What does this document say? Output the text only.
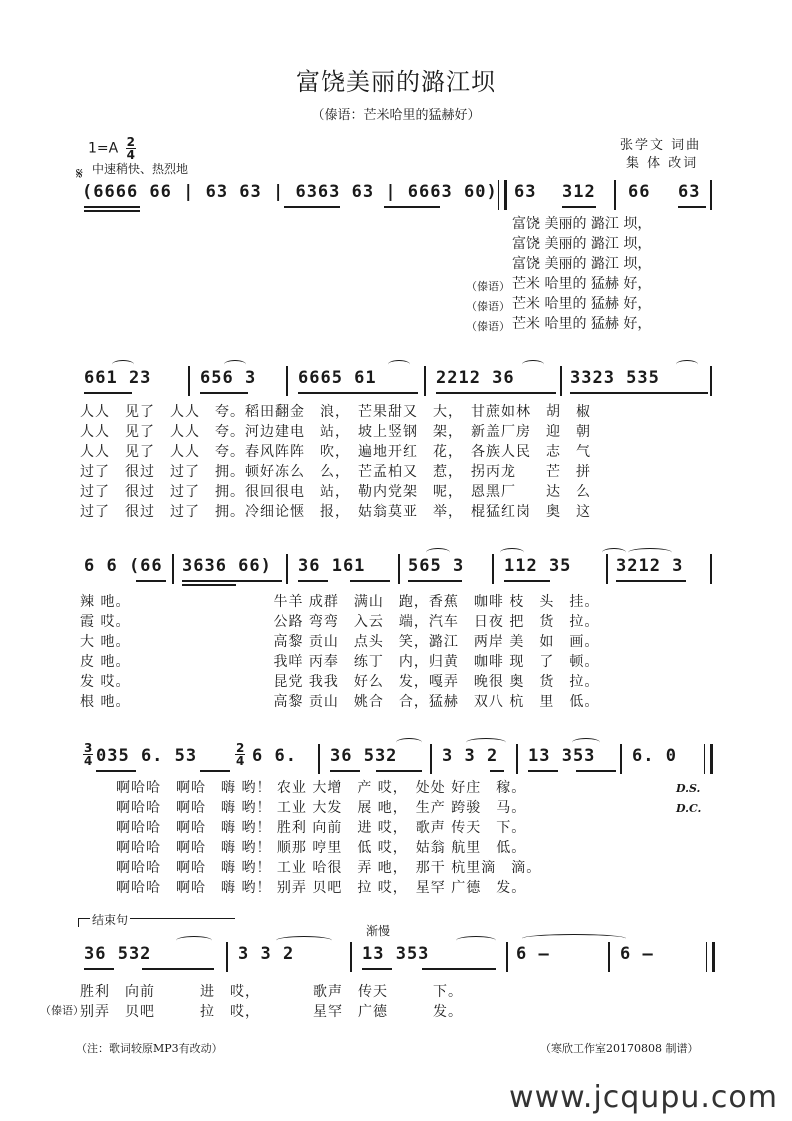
富饶美丽的潞江坝
（傣语：芒米哈里的猛赫好）
张学文 词曲
集 体 改词
$1=A \frac{2}{4}$
𝄋 中速稍快、热烈地
(6666 66 | 63 63 | 6363 63 | 6663 60) 63 312 66 63
富饶 美丽的 潞江 坝，
富饶 美丽的 潞江 坝，
富饶 美丽的 潞江 坝，
芒米 哈里的 猛赫 好，
芒米 哈里的 猛赫 好，
芒米 哈里的 猛赫 好，
（傣语）
（傣语）
（傣语）
661 23	656 3 6665 61	2212 36	3323 535
人人　见了　人人　夸。稻田翻金　浪，　芒果甜又　大，　甘蔗如林　胡　椒
人人　见了　人人　夸。河边建电　站，　坡上竖钢　架，　新盖厂房　迎　朝
人人　见了　人人　夸。春风阵阵　吹，　遍地开红　花，　各族人民　志　气
过了　很过　过了　拥。顿好冻么　么，　芒孟柏又　惹，　拐丙龙　　芒　拼
过了　很过　过了　拥。很回很电　站，　勒内党架　呢，　恩黑厂　　达　么
过了　很过　过了　拥。冷细论惬　报，　姑翁莫亚　举，　棍猛红岗　奥　这
6 6 (66 3636 66) 36 161	565 3 112 35	3212 3
辣 吔。　　　　　　　　　　牛羊 成群　满山　跑，香蕉　咖啡 枝　头　挂。
霞 哎。　　　　　　　　　　公路 弯弯　入云　端，汽车　日夜 把　货　拉。
大 吔。　　　　　　　　　　高黎 贡山　点头　笑，潞江　两岸 美　如　画。
皮 吔。　　　　　　　　　　我咩 丙奉　练丁　内，归黄　咖啡 现　了　顿。
发 哎。　　　　　　　　　　昆党 我我　好么　发，嘎弄　晚很 奥　货　拉。
根 吔。　　　　　　　　　　高黎 贡山　姚合　合，猛赫　双八 杭　里　低。
$\frac{3}{4} 035$ 6. 53	$\frac{2}{4} 6$ 6. 36 532	3 3 2 13 353 6. 0
D.S.
D.C.
啊哈哈　啊哈　嗨 哟！ 农业 大增　产 哎，　处处 好庄　稼。
啊哈哈　啊哈　嗨 哟！ 工业 大发　展 吔，　生产 跨骏　马。
啊哈哈　啊哈　嗨 哟！ 胜利 向前　进 哎，　歌声 传天　下。
啊哈哈　啊哈　嗨 哟！ 顺那 哼里　低 哎，　姑翁 航里　低。
啊哈哈　啊哈　嗨 哟！ 工业 哈很　弄 吔，　那干 杭里滴　滴。
啊哈哈　啊哈　嗨 哟！ 别弄 贝吧　拉 哎，　星罕 广德　发。
结束句
渐慢
36 532	3 3 2	13 353	6 –	6 –
（傣语）
胜利　向前　　　进　哎，　　　　歌声　传天　　　下。
别弄　贝吧　　　拉　哎，　　　　星罕　广德　　　发。
（注：歌词较原MP3有改动）	（寒欣工作室20170808 制谱）
www.jcqupu.com
